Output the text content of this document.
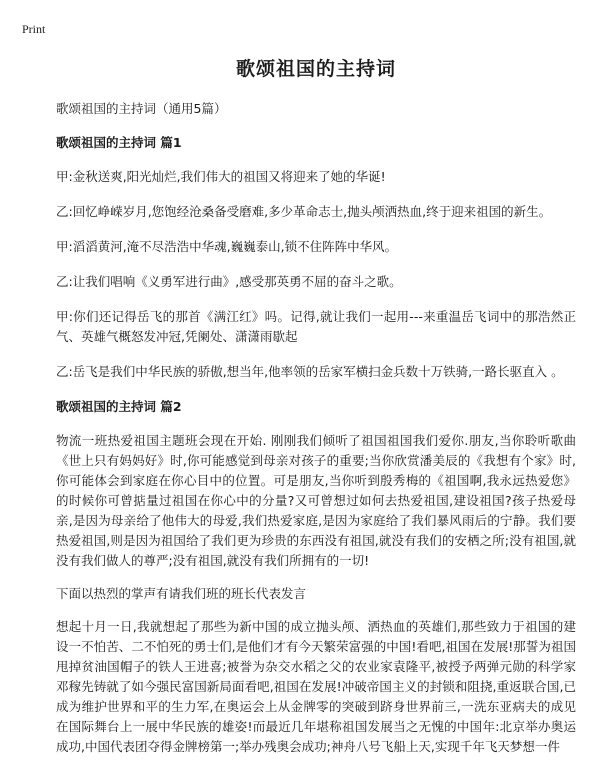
Print
歌颂祖国的主持词

歌颂祖国的主持词（通用5篇）

歌颂祖国的主持词 篇1

甲:金秋送爽,阳光灿烂,我们伟大的祖国又将迎来了她的华诞!

乙:回忆峥嵘岁月,您饱经沧桑备受磨难,多少革命志士,抛头颅洒热血,终于迎来祖国的新生。

甲:滔滔黄河,淹不尽浩浩中华魂,巍巍泰山,锁不住阵阵中华风。

乙:让我们唱响《义勇军进行曲》,感受那英勇不屈的奋斗之歌。

甲:你们还记得岳飞的那首《满江红》吗。记得,就让我们一起用---来重温岳飞词中的那浩然正气、英雄气概怒发冲冠,凭阑处、潇潇雨歇起

乙:岳飞是我们中华民族的骄傲,想当年,他率领的岳家军横扫金兵数十万铁骑,一路长驱直入 。

歌颂祖国的主持词 篇2

物流一班热爱祖国主题班会现在开始. 刚刚我们倾听了祖国祖国我们爱你.朋友,当你聆听歌曲《世上只有妈妈好》时,你可能感觉到母亲对孩子的重要;当你欣赏潘美辰的《我想有个家》时,你可能体会到家庭在你心目中的位置。可是朋友,当你听到殷秀梅的《祖国啊,我永远热爱您》的时候你可曾掂量过祖国在你心中的分量?又可曾想过如何去热爱祖国,建设祖国?孩子热爱母亲,是因为母亲给了他伟大的母爱,我们热爱家庭,是因为家庭给了我们暴风雨后的宁静。我们要热爱祖国,则是因为祖国给了我们更为珍贵的东西没有祖国,就没有我们的安栖之所;没有祖国,就没有我们做人的尊严;没有祖国,就没有我们所拥有的一切!

下面以热烈的掌声有请我们班的班长代表发言

想起十月一日,我就想起了那些为新中国的成立抛头颅、洒热血的英雄们,那些致力于祖国的建设一不怕苦、二不怕死的勇士们,是他们才有今天繁荣富强的中国!看吧,祖国在发展!那誓为祖国甩掉贫油国帽子的铁人王进喜;被誉为杂交水稻之父的农业家袁隆平,被授予两弹元勋的科学家邓稼先铸就了如今强民富国新局面看吧,祖国在发展!冲破帝国主义的封锁和阻挠,重返联合国,已成为维护世界和平的生力军,在奥运会上从金牌零的突破到跻身世界前三,一洗东亚病夫的成见在国际舞台上一展中华民族的雄姿!而最近几年堪称祖国发展当之无愧的中国年:北京举办奥运成功,中国代表团夺得金牌榜第一;举办残奥会成功;神舟八号飞船上天,实现千年飞天梦想一件
